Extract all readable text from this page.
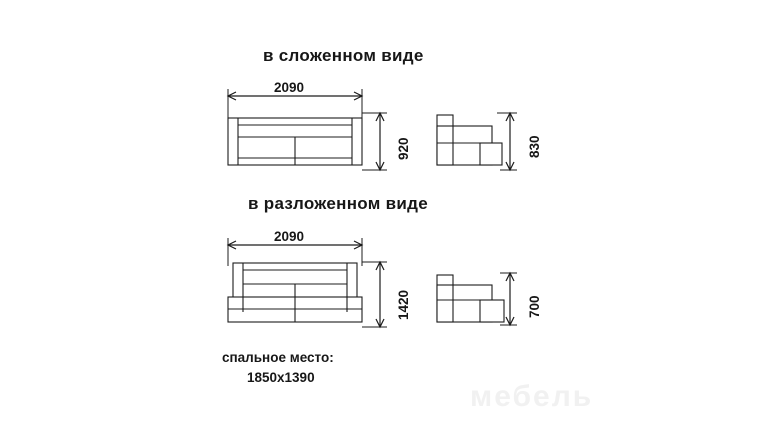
в сложенном виде
2090
920	830
в разложенном виде
2090
1420	700
спальное место:
1850х1390
мебель
